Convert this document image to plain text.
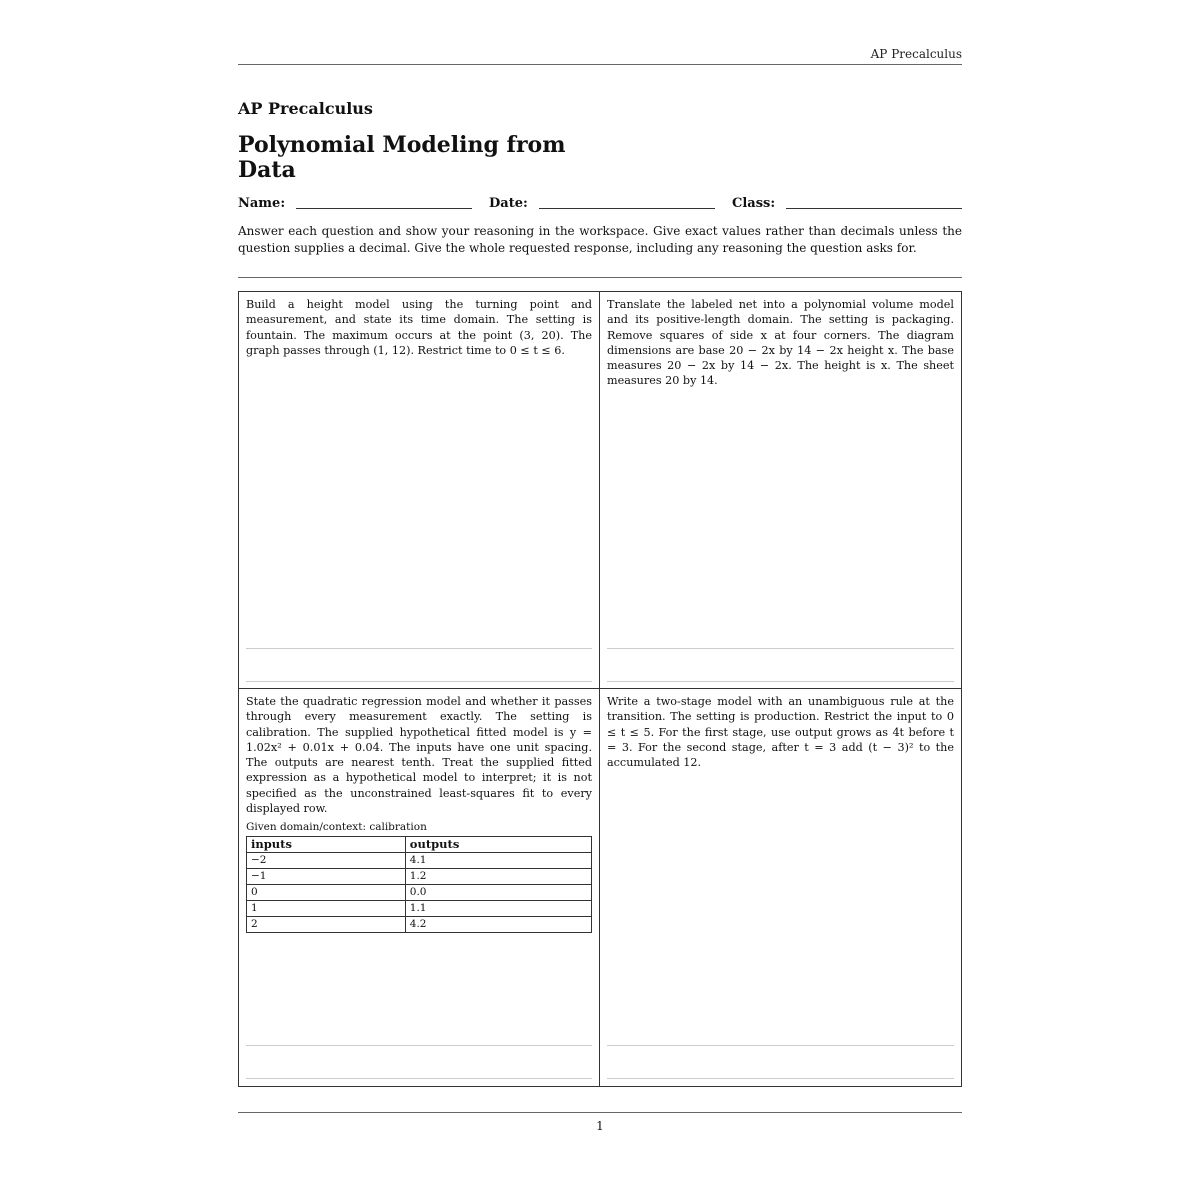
AP Precalculus
AP Precalculus
Polynomial Modeling from Data
Name:	Date:	Class:
Answer each question and show your reasoning in the workspace. Give exact values rather than decimals unless the question supplies a decimal. Give the whole requested response, including any reasoning the question asks for.

Build a height model using the turning point and measurement, and state its time domain. The setting is fountain. The maximum occurs at the point (3, 20). The graph passes through (1, 12). Restrict time to 0 ≤ t ≤ 6.

Translate the labeled net into a polynomial volume model and its positive-length domain. The setting is packaging. Remove squares of side x at four corners. The diagram dimensions are base 20 − 2x by 14 − 2x height x. The base measures 20 − 2x by 14 − 2x. The height is x. The sheet measures 20 by 14.

State the quadratic regression model and whether it passes through every measurement exactly. The setting is calibration. The supplied hypothetical fitted model is y = 1.02x² + 0.01x + 0.04. The inputs have one unit spacing. The outputs are nearest tenth. Treat the supplied fitted expression as a hypothetical model to interpret; it is not specified as the unconstrained least-squares fit to every displayed row.

Given domain/context: calibration
inputs	outputs
−2	4.1
−1	1.2
0	0.0
1	1.1
2	4.2

Write a two-stage model with an unambiguous rule at the transition. The setting is production. Restrict the input to 0 ≤ t ≤ 5. For the first stage, use output grows as 4t before t = 3. For the second stage, after t = 3 add (t − 3)² to the accumulated 12.

1
